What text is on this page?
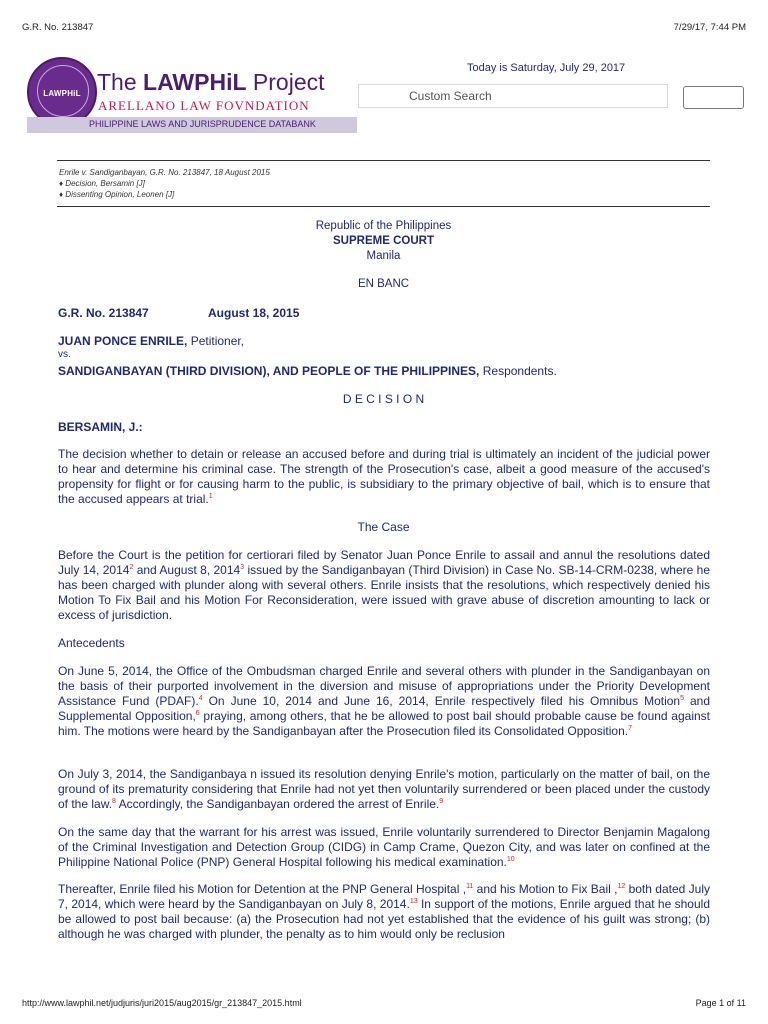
G.R. No. 213847	7/29/17, 7:44 PM
LAWPHiL The LAWPHiL Project
ARELLANO LAW FOVNDATION
PHILIPPINE LAWS AND JURISPRUDENCE DATABANK
Today is Saturday, July 29, 2017
Custom Search
Enrile v. Sandiganbayan, G.R. No. 213847, 18 August 2015
♦ Decision, Bersamin [J]
♦ Dissenting Opinion, Leonen [J]
Republic of the Philippines
SUPREME COURT
Manila
EN BANC
G.R. No. 213847	August 18, 2015
JUAN PONCE ENRILE, Petitioner,
vs.
SANDIGANBAYAN (THIRD DIVISION), AND PEOPLE OF THE PHILIPPINES, Respondents.
D E C I S I O N
BERSAMIN, J.:
The decision whether to detain or release an accused before and during trial is ultimately an incident of the judicial power to hear and determine his criminal case. The strength of the Prosecution's case, albeit a good measure of the accused's propensity for flight or for causing harm to the public, is subsidiary to the primary objective of bail, which is to ensure that the accused appears at trial.$^1$
The Case
Before the Court is the petition for certiorari filed by Senator Juan Ponce Enrile to assail and annul the resolutions dated July 14, 2014$^2$ and August 8, 2014$^3$ issued by the Sandiganbayan (Third Division) in Case No. SB-14-CRM-0238, where he has been charged with plunder along with several others. Enrile insists that the resolutions, which respectively denied his Motion To Fix Bail and his Motion For Reconsideration, were issued with grave abuse of discretion amounting to lack or excess of jurisdiction.
Antecedents
On June 5, 2014, the Office of the Ombudsman charged Enrile and several others with plunder in the Sandiganbayan on the basis of their purported involvement in the diversion and misuse of appropriations under the Priority Development Assistance Fund (PDAF).$^4$ On June 10, 2014 and June 16, 2014, Enrile respectively filed his Omnibus Motion$^5$ and Supplemental Opposition,$^6$ praying, among others, that he be allowed to post bail should probable cause be found against him. The motions were heard by the Sandiganbayan after the Prosecution filed its Consolidated Opposition.$^7$
On July 3, 2014, the Sandiganbaya n issued its resolution denying Enrile's motion, particularly on the matter of bail, on the ground of its prematurity considering that Enrile had not yet then voluntarily surrendered or been placed under the custody of the law.$^8$ Accordingly, the Sandiganbayan ordered the arrest of Enrile.$^9$
On the same day that the warrant for his arrest was issued, Enrile voluntarily surrendered to Director Benjamin Magalong of the Criminal Investigation and Detection Group (CIDG) in Camp Crame, Quezon City, and was later on confined at the Philippine National Police (PNP) General Hospital following his medical examination.$^{10}$
Thereafter, Enrile filed his Motion for Detention at the PNP General Hospital ,$^{11}$ and his Motion to Fix Bail ,$^{12}$ both dated July 7, 2014, which were heard by the Sandiganbayan on July 8, 2014.13 In support of the motions, Enrile argued that he should be allowed to post bail because: (a) the Prosecution had not yet established that the evidence of his guilt was strong; (b) although he was charged with plunder, the penalty as to him would only be reclusion
http://www.lawphil.net/judjuris/juri2015/aug2015/gr_213847_2015.html	Page 1 of 11
